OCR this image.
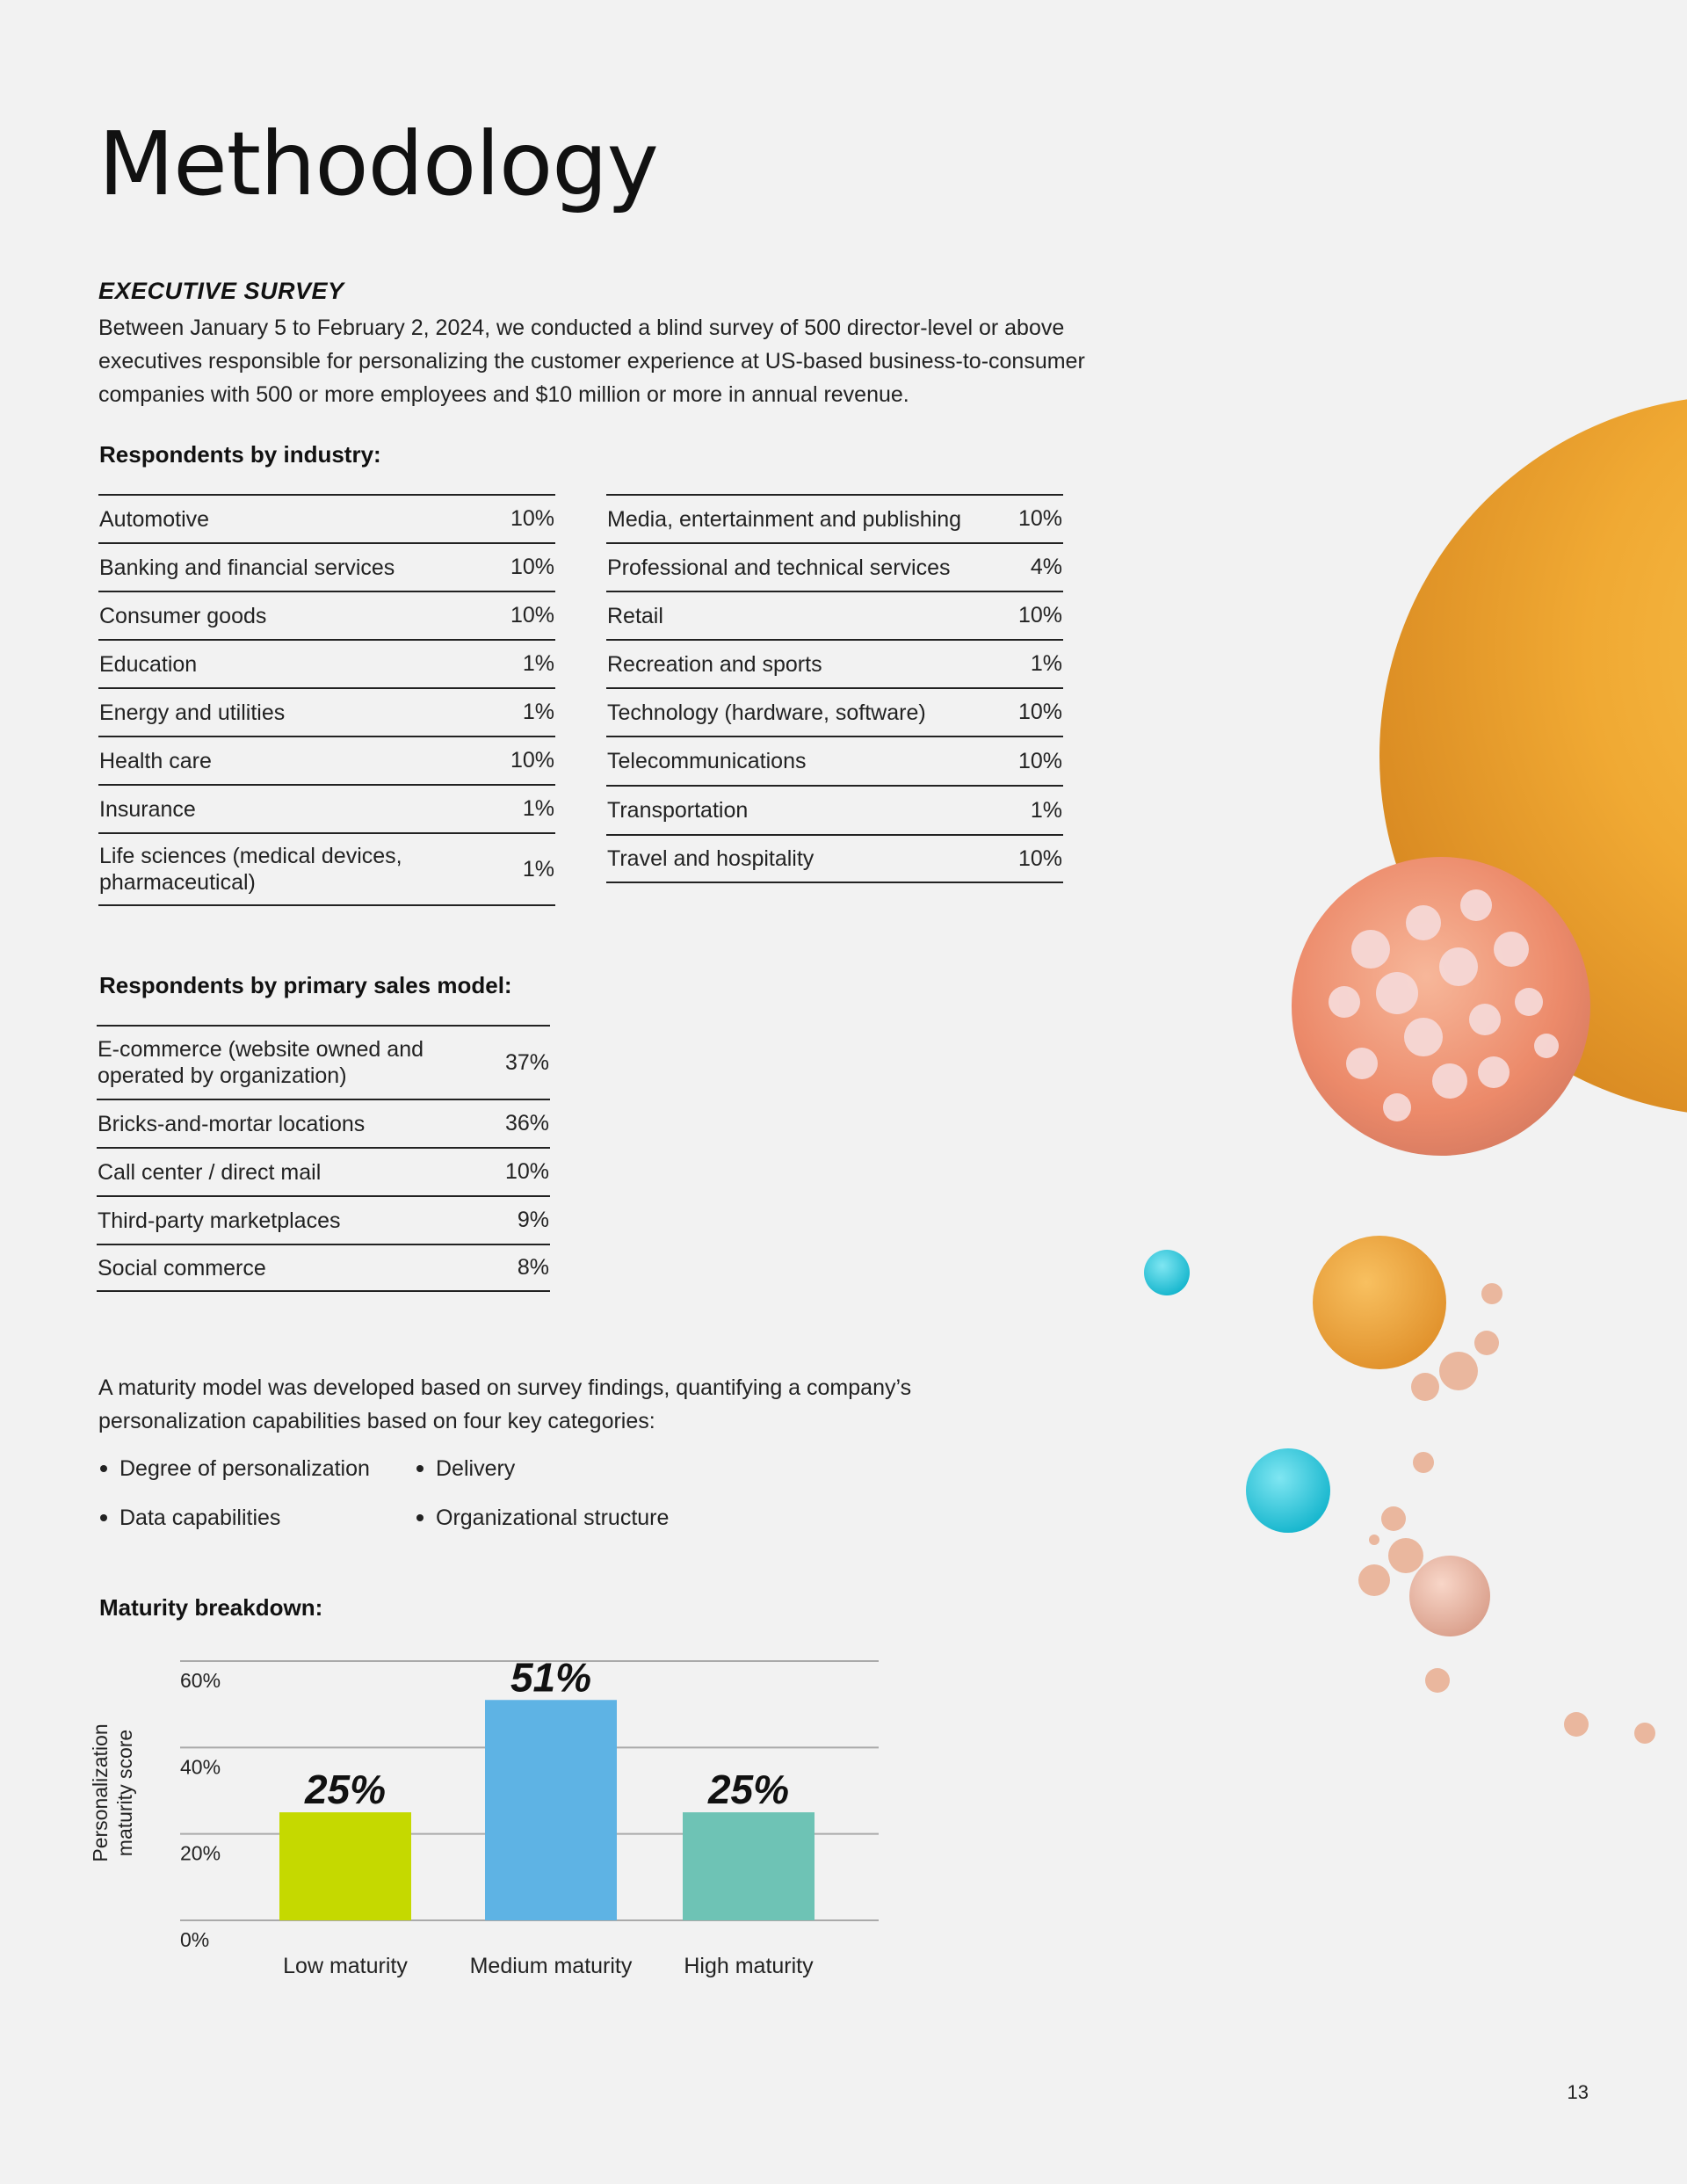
Methodology
EXECUTIVE SURVEY
Between January 5 to February 2, 2024, we conducted a blind survey of 500 director-level or above executives responsible for personalizing the customer experience at US-based business-to-consumer companies with 500 or more employees and $10 million or more in annual revenue.
Respondents by industry:
Automotive	10%
Banking and financial services	10%
Consumer goods	10%
Education	1%
Energy and utilities	1%
Health care	10%
Insurance	1%
Life sciences (medical devices, pharmaceutical)
1%
Media, entertainment and publishing	10%
Professional and technical services	4%
Retail	10%
Recreation and sports	1%
Technology (hardware, software)	10%
Telecommunications	10%
Transportation	1%
Travel and hospitality	10%
Respondents by primary sales model:
E-commerce (website owned and operated by organization)
37%
Bricks-and-mortar locations	36%
Call center / direct mail	10%
Third-party marketplaces	9%
Social commerce	8%
A maturity model was developed based on survey findings, quantifying a company’s personalization capabilities based on four key categories:
Degree of personalization	Delivery
Data capabilities	Organizational structure
Maturity breakdown:
Personalizationmaturity score
0%
20%
40%
60%
25%
Low maturity
51%
Medium maturity
25%
High maturity
13
